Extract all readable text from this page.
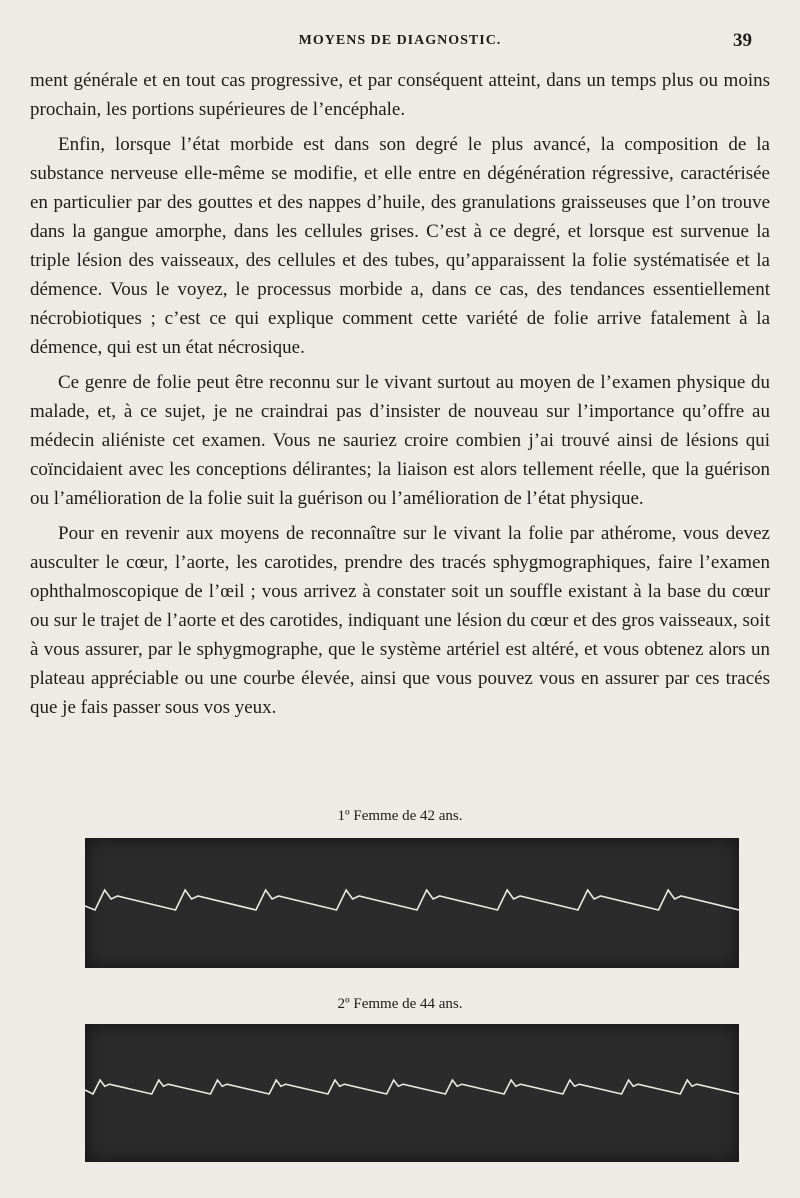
MOYENS DE DIAGNOSTIC.	39

ment générale et en tout cas progressive, et par conséquent atteint, dans un temps plus ou moins prochain, les portions supérieures de l’encéphale.

Enfin, lorsque l’état morbide est dans son degré le plus avancé, la composition de la substance nerveuse elle-même se modifie, et elle entre en dégénération régressive, caractérisée en particulier par des gouttes et des nappes d’huile, des granulations graisseuses que l’on trouve dans la gangue amorphe, dans les cellules grises. C’est à ce degré, et lorsque est survenue la triple lésion des vaisseaux, des cellules et des tubes, qu’apparaissent la folie systématisée et la démence. Vous le voyez, le processus morbide a, dans ce cas, des tendances essentiellement nécrobiotiques ; c’est ce qui explique comment cette variété de folie arrive fatalement à la démence, qui est un état nécrosique.

Ce genre de folie peut être reconnu sur le vivant surtout au moyen de l’examen physique du malade, et, à ce sujet, je ne craindrai pas d’insister de nouveau sur l’importance qu’offre au médecin aliéniste cet examen. Vous ne sauriez croire combien j’ai trouvé ainsi de lésions qui coïncidaient avec les conceptions délirantes; la liaison est alors tellement réelle, que la guérison ou l’amélioration de la folie suit la guérison ou l’amélioration de l’état physique.

Pour en revenir aux moyens de reconnaître sur le vivant la folie par athérome, vous devez ausculter le cœur, l’aorte, les carotides, prendre des tracés sphygmographiques, faire l’examen ophthalmoscopique de l’œil ; vous arrivez à constater soit un souffle existant à la base du cœur ou sur le trajet de l’aorte et des carotides, indiquant une lésion du cœur et des gros vaisseaux, soit à vous assurer, par le sphygmographe, que le système artériel est altéré, et vous obtenez alors un plateau appréciable ou une courbe élevée, ainsi que vous pouvez vous en assurer par ces tracés que je fais passer sous vos yeux.

1º Femme de 42 ans.
2º Femme de 44 ans.
